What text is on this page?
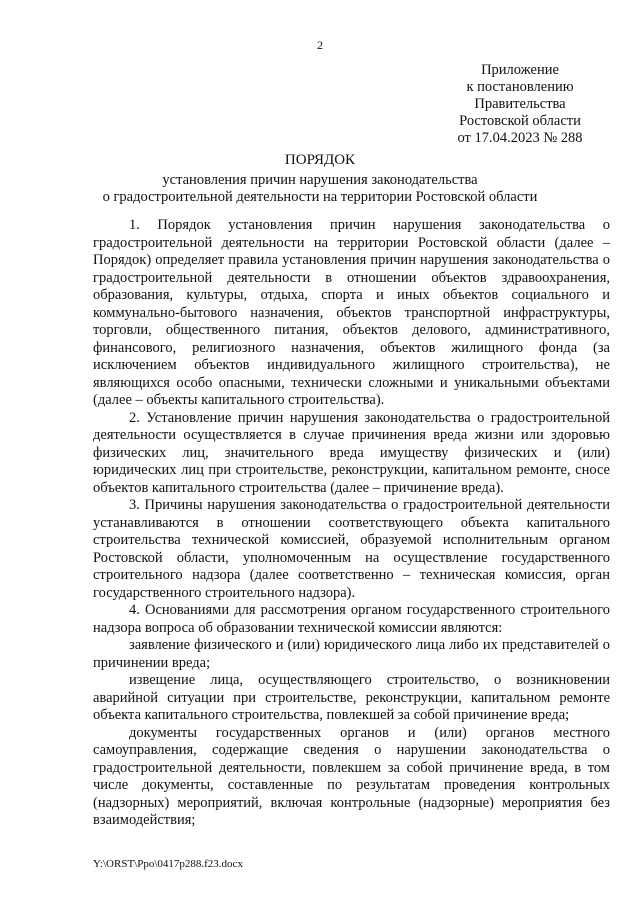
2
Приложение
к постановлению
Правительства
Ростовской области
от 17.04.2023 № 288
ПОРЯДОК
установления причин нарушения законодательства
о градостроительной деятельности на территории Ростовской области

1. Порядок установления причин нарушения законодательства о градостроительной деятельности на территории Ростовской области (далее – Порядок) определяет правила установления причин нарушения законодательства о градостроительной деятельности в отношении объектов здравоохранения, образования, культуры, отдыха, спорта и иных объектов социального и коммунально-бытового назначения, объектов транспортной инфраструктуры, торговли, общественного питания, объектов делового, административного, финансового, религиозного назначения, объектов жилищного фонда (за исключением объектов индивидуального жилищного строительства), не являющихся особо опасными, технически сложными и уникальными объектами (далее – объекты капитального строительства).

2. Установление причин нарушения законодательства о градостроительной деятельности осуществляется в случае причинения вреда жизни или здоровью физических лиц, значительного вреда имуществу физических и (или) юридических лиц при строительстве, реконструкции, капитальном ремонте, сносе объектов капитального строительства (далее – причинение вреда).

3. Причины нарушения законодательства о градостроительной деятельности устанавливаются в отношении соответствующего объекта капитального строительства технической комиссией, образуемой исполнительным органом Ростовской области, уполномоченным на осуществление государственного строительного надзора (далее соответственно – техническая комиссия, орган государственного строительного надзора).

4. Основаниями для рассмотрения органом государственного строительного надзора вопроса об образовании технической комиссии являются:

заявление физического и (или) юридического лица либо их представителей о причинении вреда;

извещение лица, осуществляющего строительство, о возникновении аварийной ситуации при строительстве, реконструкции, капитальном ремонте объекта капитального строительства, повлекшей за собой причинение вреда;

документы государственных органов и (или) органов местного самоуправления, содержащие сведения о нарушении законодательства о градостроительной деятельности, повлекшем за собой причинение вреда, в том числе документы, составленные по результатам проведения контрольных (надзорных) мероприятий, включая контрольные (надзорные) мероприятия без взаимодействия;

Y:\ORST\Ppo\0417p288.f23.docx
